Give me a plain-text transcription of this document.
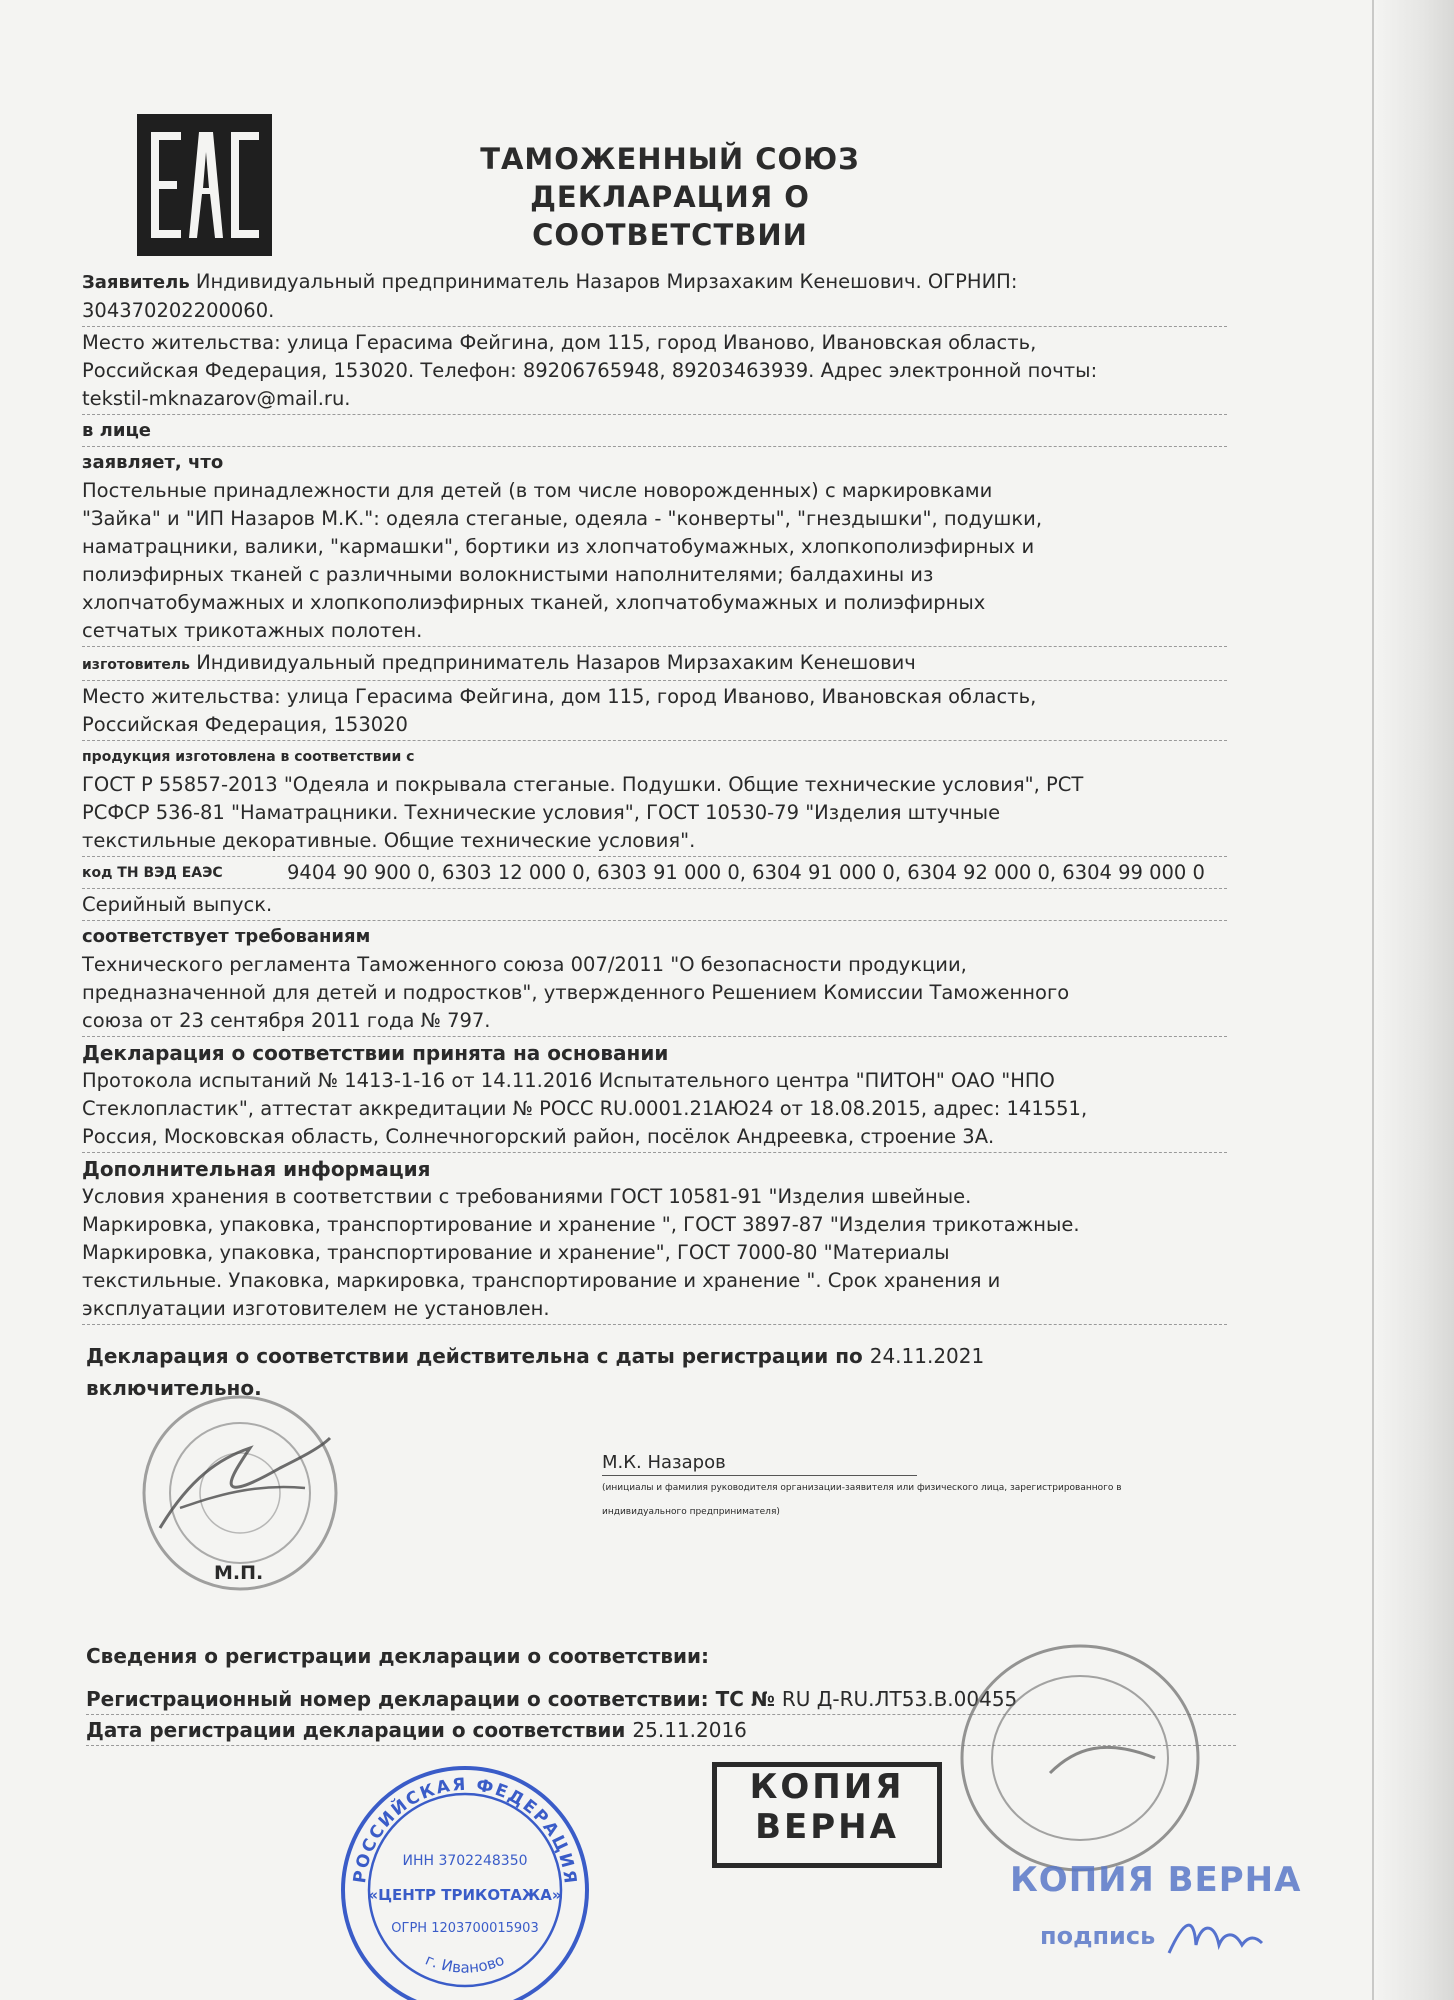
ТАМОЖЕННЫЙ СОЮЗ
ДЕКЛАРАЦИЯ О
СООТВЕТСТВИИ
Заявитель Индивидуальный предприниматель Назаров Мирзахаким Кенешович. ОГРНИП:
304370202200060.
Место жительства: улица Герасима Фейгина, дом 115, город Иваново, Ивановская область,
Российская Федерация, 153020. Телефон: 89206765948, 89203463939. Адрес электронной почты:
tekstil-mknazarov@mail.ru.
в лице
заявляет, что
Постельные принадлежности для детей (в том числе новорожденных) с маркировками
"Зайка" и "ИП Назаров М.К.": одеяла стеганые, одеяла - "конверты", "гнездышки", подушки,
наматрацники, валики, "кармашки", бортики из хлопчатобумажных, хлопкополиэфирных и
полиэфирных тканей с различными волокнистыми наполнителями; балдахины из
хлопчатобумажных и хлопкополиэфирных тканей, хлопчатобумажных и полиэфирных
сетчатых трикотажных полотен.
изготовитель Индивидуальный предприниматель Назаров Мирзахаким Кенешович
Место жительства: улица Герасима Фейгина, дом 115, город Иваново, Ивановская область,
Российская Федерация, 153020
продукция изготовлена в соответствии с
ГОСТ Р 55857-2013 "Одеяла и покрывала стеганые. Подушки. Общие технические условия", РСТ
РСФСР 536-81 "Наматрацники. Технические условия", ГОСТ 10530-79 "Изделия штучные
текстильные декоративные. Общие технические условия".
код ТН ВЭД ЕАЭС	9404 90 900 0, 6303 12 000 0, 6303 91 000 0, 6304 91 000 0, 6304 92 000 0, 6304 99 000 0
Серийный выпуск.
соответствует требованиям
Технического регламента Таможенного союза 007/2011 "О безопасности продукции,
предназначенной для детей и подростков", утвержденного Решением Комиссии Таможенного
союза от 23 сентября 2011 года № 797.
Декларация о соответствии принята на основании
Протокола испытаний № 1413-1-16 от 14.11.2016 Испытательного центра "ПИТОН" ОАО "НПО
Стеклопластик", аттестат аккредитации № РОСС RU.0001.21АЮ24 от 18.08.2015, адрес: 141551,
Россия, Московская область, Солнечногорский район, посёлок Андреевка, строение 3А.
Дополнительная информация
Условия хранения в соответствии с требованиями ГОСТ 10581-91 "Изделия швейные.
Маркировка, упаковка, транспортирование и хранение ", ГОСТ 3897-87 "Изделия трикотажные.
Маркировка, упаковка, транспортирование и хранение", ГОСТ 7000-80 "Материалы
текстильные. Упаковка, маркировка, транспортирование и хранение ". Срок хранения и
эксплуатации изготовителем не установлен.
Декларация о соответствии действительна с даты регистрации по 24.11.2021
включительно.
М.К. Назаров
(инициалы и фамилия руководителя организации-заявителя или физического лица, зарегистрированного в
индивидуального предпринимателя)
М.П.
Сведения о регистрации декларации о соответствии:
Регистрационный номер декларации о соответствии: ТС № RU Д-RU.ЛТ53.В.00455
Дата регистрации декларации о соответствии 25.11.2016
КОПИЯ
ВЕРНА
РОССИЙСКАЯ ФЕДЕРАЦИЯ
ИНН 3702248350
«ЦЕНТР ТРИКОТАЖА»
ОГРН 1203700015903
г. Иваново
КОПИЯ ВЕРНА
подпись
